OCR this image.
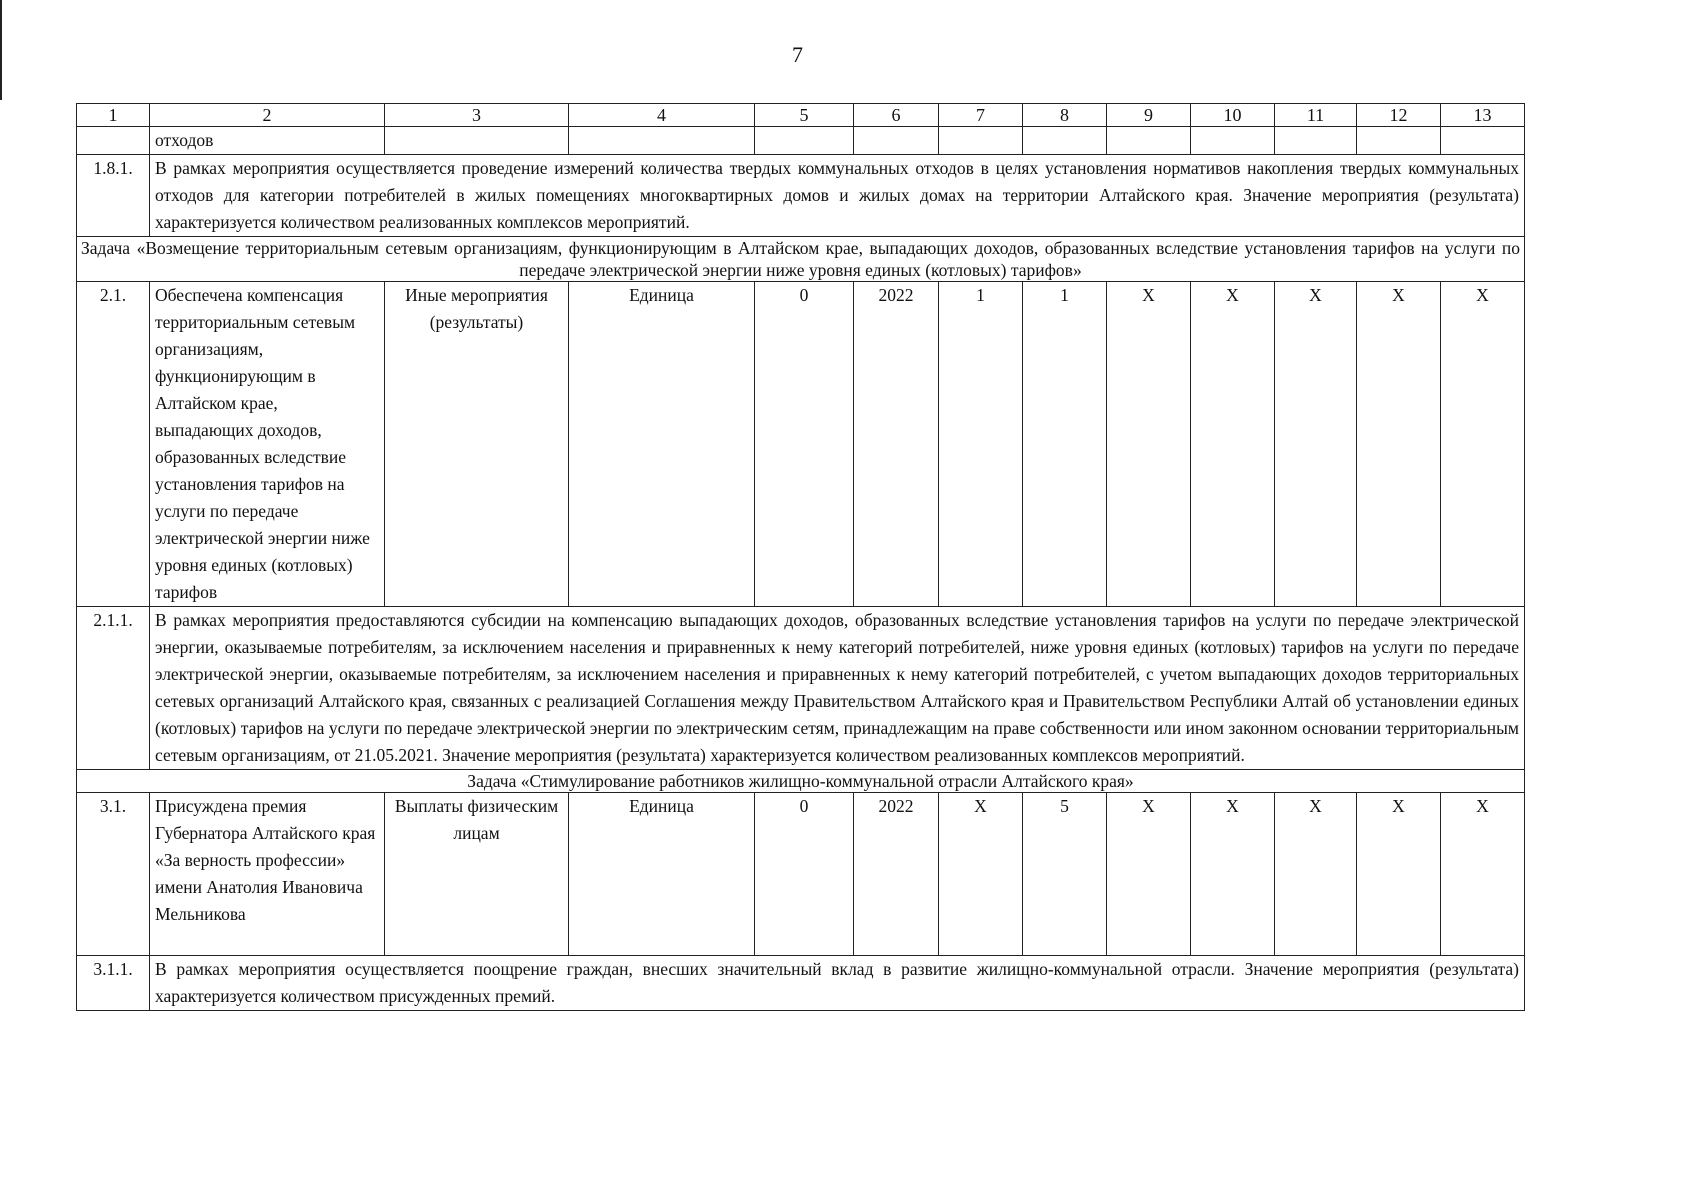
7
1	2	3	4	5	6	7	8	9	10	11	12	13
	отходов											
1.8.1.	В рамках мероприятия осуществляется проведение измерений количества твердых коммунальных отходов в целях установления нормативов накопления твердых коммунальных отходов для категории потребителей в жилых помещениях многоквартирных домов и жилых домах на территории Алтайского края. Значение мероприятия (результата) характеризуется количеством реализованных комплексов мероприятий.											
Задача «Возмещение территориальным сетевым организациям, функционирующим в Алтайском крае, выпадающих доходов, образованных вследствие установления тарифов на услуги по передаче электрической энергии ниже уровня единых (котловых) тарифов»												
2.1.	Обеспечена компенсация территориальным сетевым организациям, функционирующим в Алтайском крае, выпадающих доходов, образованных вследствие установления тарифов на услуги по передаче электрической энергии ниже уровня единых (котловых) тарифов	Иные мероприятия (результаты)	Единица	0	2022	1	1	X	X	X	X	X
2.1.1.	В рамках мероприятия предоставляются субсидии на компенсацию выпадающих доходов, образованных вследствие установления тарифов на услуги по передаче электрической энергии, оказываемые потребителям, за исключением населения и приравненных к нему категорий потребителей, ниже уровня единых (котловых) тарифов на услуги по передаче электрической энергии, оказываемые потребителям, за исключением населения и приравненных к нему категорий потребителей, с учетом выпадающих доходов территориальных сетевых организаций Алтайского края, связанных с реализацией Соглашения между Правительством Алтайского края и Правительством Республики Алтай об установлении единых (котловых) тарифов на услуги по передаче электрической энергии по электрическим сетям, принадлежащим на праве собственности или ином законном основании территориальным сетевым организациям, от 21.05.2021. Значение мероприятия (результата) характеризуется количеством реализованных комплексов мероприятий.											
Задача «Стимулирование работников жилищно-коммунальной отрасли Алтайского края»												
3.1.	Присуждена премия Губернатора Алтайского края «За верность профессии» имени Анатолия Ивановича Мельникова	Выплаты физическим лицам	Единица	0	2022	X	5	X	X	X	X	X
3.1.1.	В рамках мероприятия осуществляется поощрение граждан, внесших значительный вклад в развитие жилищно-коммунальной отрасли. Значение мероприятия (результата) характеризуется количеством присужденных премий.											
